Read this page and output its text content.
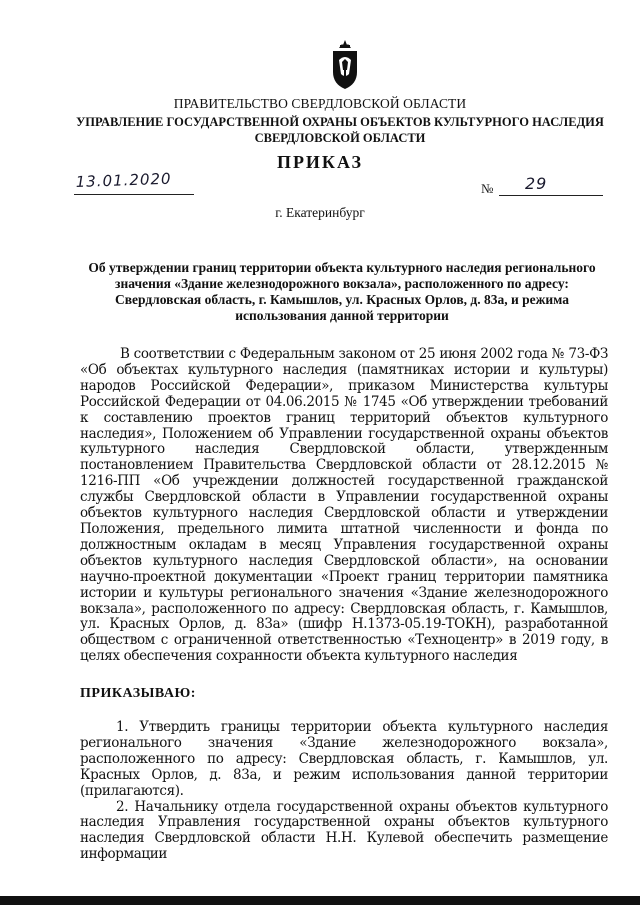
ПРАВИТЕЛЬСТВО СВЕРДЛОВСКОЙ ОБЛАСТИ
УПРАВЛЕНИЕ ГОСУДАРСТВЕННОЙ ОХРАНЫ ОБЪЕКТОВ КУЛЬТУРНОГО НАСЛЕДИЯ СВЕРДЛОВСКОЙ ОБЛАСТИ
ПРИКАЗ
13.01.2020	№ 29
г. Екатеринбург
Об утверждении границ территории объекта культурного наследия регионального значения «Здание железнодорожного вокзала», расположенного по адресу: Свердловская область, г. Камышлов, ул. Красных Орлов, д. 83а, и режима использования данной территории

В соответствии с Федеральным законом от 25 июня 2002 года № 73-ФЗ «Об объектах культурного наследия (памятниках истории и культуры) народов Российской Федерации», приказом Министерства культуры Российской Федерации от 04.06.2015 № 1745 «Об утверждении требований к составлению проектов границ территорий объектов культурного наследия», Положением об Управлении государственной охраны объектов культурного наследия Свердловской области, утвержденным постановлением Правительства Свердловской области от 28.12.2015 № 1216-ПП «Об учреждении должностей государственной гражданской службы Свердловской области в Управлении государственной охраны объектов культурного наследия Свердловской области и утверждении Положения, предельного лимита штатной численности и фонда по должностным окладам в месяц Управления государственной охраны объектов культурного наследия Свердловской области», на основании научно-проектной документации «Проект границ территории памятника истории и культуры регионального значения «Здание железнодорожного вокзала», расположенного по адресу: Свердловская область, г. Камышлов, ул. Красных Орлов, д. 83а» (шифр Н.1373-05.19-ТОКН), разработанной обществом с ограниченной ответственностью «Техноцентр» в 2019 году, в целях обеспечения сохранности объекта культурного наследия

ПРИКАЗЫВАЮ:

1. Утвердить границы территории объекта культурного наследия регионального значения «Здание железнодорожного вокзала», расположенного по адресу: Свердловская область, г. Камышлов, ул. Красных Орлов, д. 83а, и режим использования данной территории (прилагаются).

2. Начальнику отдела государственной охраны объектов культурного наследия Управления государственной охраны объектов культурного наследия Свердловской области Н.Н. Кулевой обеспечить размещение информации
